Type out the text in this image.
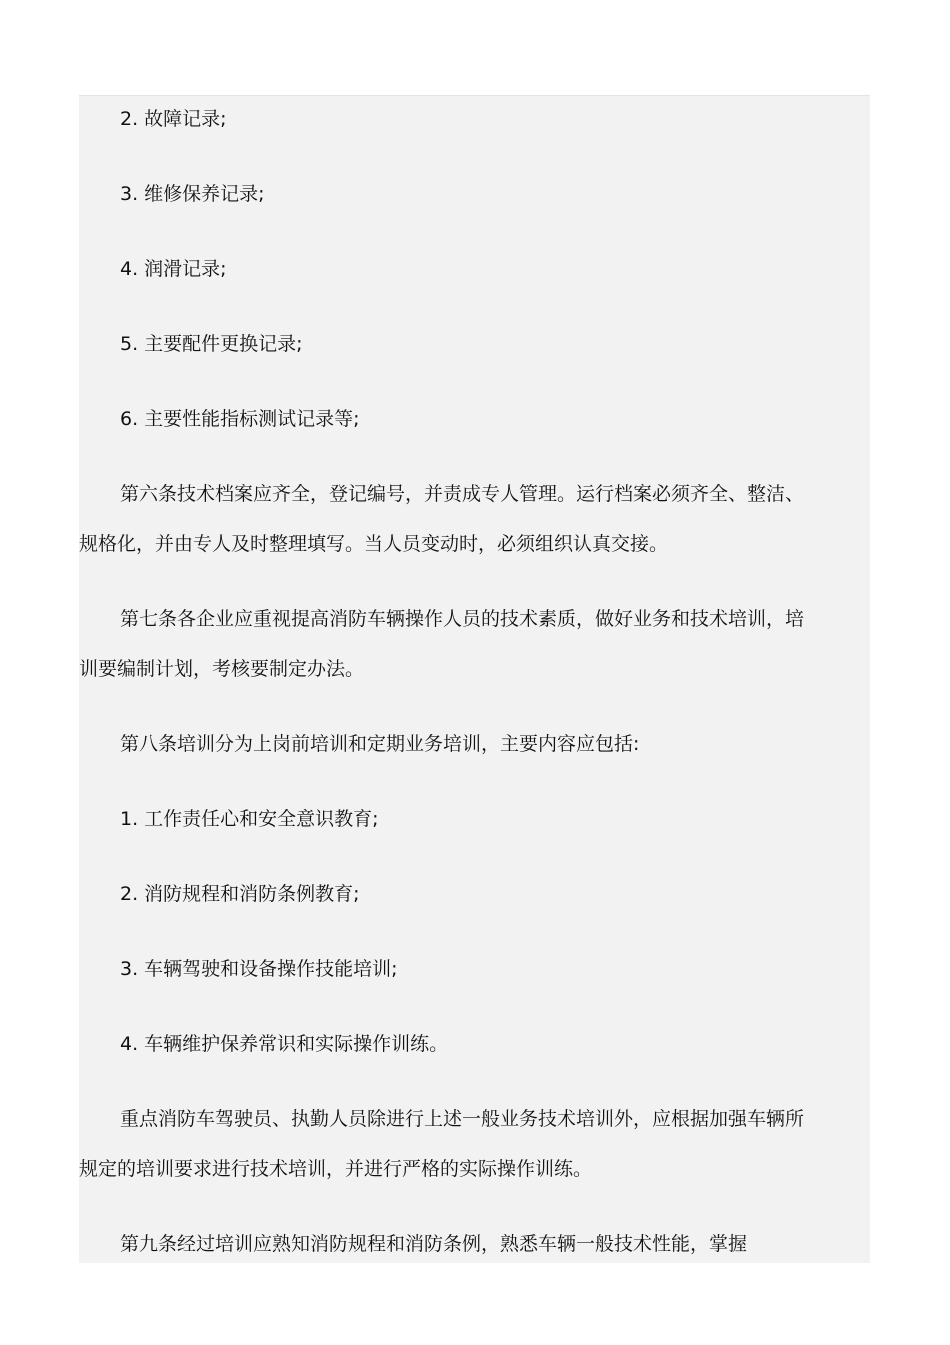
2. 故障记录;

3. 维修保养记录;

4. 润滑记录;

5. 主要配件更换记录;

6. 主要性能指标测试记录等;

第六条技术档案应齐全，登记编号，并责成专人管理。运行档案必须齐全、整洁、规格化，并由专人及时整理填写。当人员变动时，必须组织认真交接。

第七条各企业应重视提高消防车辆操作人员的技术素质，做好业务和技术培训，培训要编制计划，考核要制定办法。

第八条培训分为上岗前培训和定期业务培训，主要内容应包括:

1. 工作责任心和安全意识教育;

2. 消防规程和消防条例教育;

3. 车辆驾驶和设备操作技能培训;

4. 车辆维护保养常识和实际操作训练。

重点消防车驾驶员、执勤人员除进行上述一般业务技术培训外，应根据加强车辆所规定的培训要求进行技术培训，并进行严格的实际操作训练。

第九条经过培训应熟知消防规程和消防条例，熟悉车辆一般技术性能，掌握
